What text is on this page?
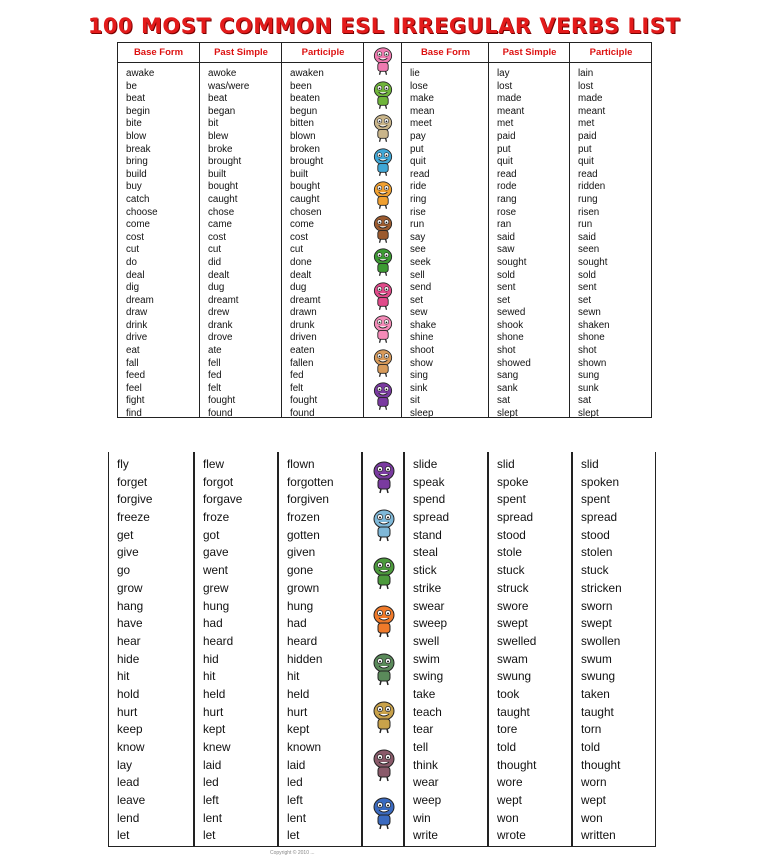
100 MOST COMMON ESL IRREGULAR VERBS LIST
Base Form
awake
be
beat
begin
bite
blow
break
bring
build
buy
catch
choose
come
cost
cut
do
deal
dig
dream
draw
drink
drive
eat
fall
feed
feel
fight
find
Past Simple
awoke
was/were
beat
began
bit
blew
broke
brought
built
bought
caught
chose
came
cost
cut
did
dealt
dug
dreamt
drew
drank
drove
ate
fell
fed
felt
fought
found
Participle
awaken
been
beaten
begun
bitten
blown
broken
brought
built
bought
caught
chosen
come
cost
cut
done
dealt
dug
dreamt
drawn
drunk
driven
eaten
fallen
fed
felt
fought
found
Base Form
lie
lose
make
mean
meet
pay
put
quit
read
ride
ring
rise
run
say
see
seek
sell
send
set
sew
shake
shine
shoot
show
sing
sink
sit
sleep
Past Simple
lay
lost
made
meant
met
paid
put
quit
read
rode
rang
rose
ran
said
saw
sought
sold
sent
set
sewed
shook
shone
shot
showed
sang
sank
sat
slept
Participle
lain
lost
made
meant
met
paid
put
quit
read
ridden
rung
risen
run
said
seen
sought
sold
sent
set
sewn
shaken
shone
shot
shown
sung
sunk
sat
slept
fly
forget
forgive
freeze
get
give
go
grow
hang
have
hear
hide
hit
hold
hurt
keep
know
lay
lead
leave
lend
let
flew
forgot
forgave
froze
got
gave
went
grew
hung
had
heard
hid
hit
held
hurt
kept
knew
laid
led
left
lent
let
flown
forgotten
forgiven
frozen
gotten
given
gone
grown
hung
had
heard
hidden
hit
held
hurt
kept
known
laid
led
left
lent
let
slide
speak
spend
spread
stand
steal
stick
strike
swear
sweep
swell
swim
swing
take
teach
tear
tell
think
wear
weep
win
write
slid
spoke
spent
spread
stood
stole
stuck
struck
swore
swept
swelled
swam
swung
took
taught
tore
told
thought
wore
wept
won
wrote
slid
spoken
spent
spread
stood
stolen
stuck
stricken
sworn
swept
swollen
swum
swung
taken
taught
torn
told
thought
worn
wept
won
written
Copyright © 2010 ...
